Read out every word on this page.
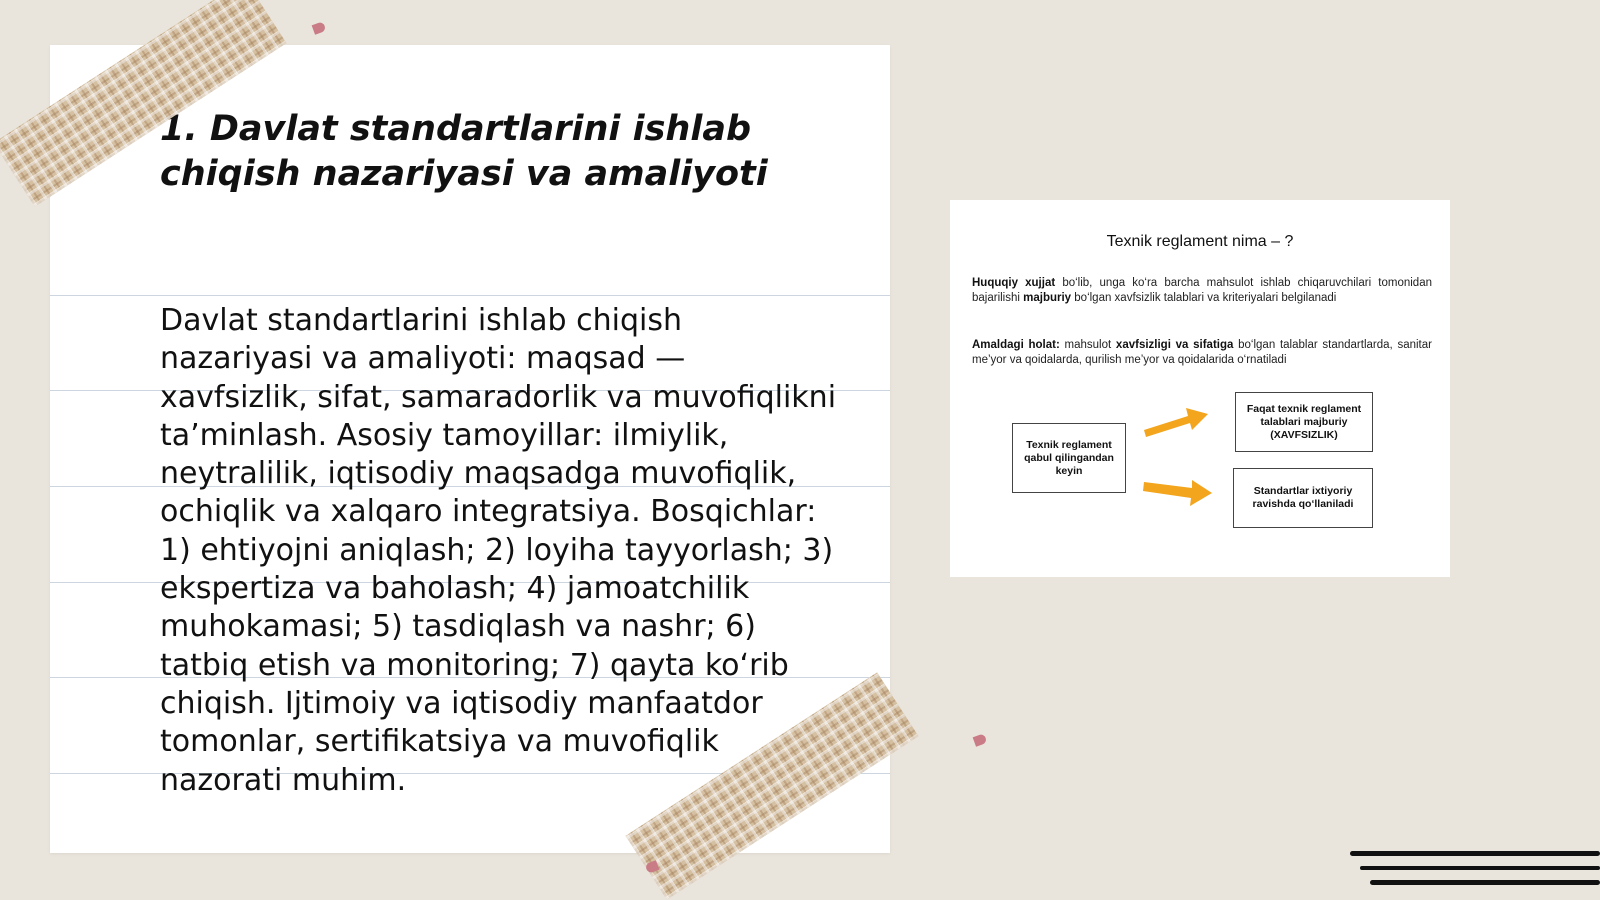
1. Davlat standartlarini ishlab chiqish nazariyasi va amaliyoti

Davlat standartlarini ishlab chiqish nazariyasi va amaliyoti: maqsad — xavfsizlik, sifat, samaradorlik va muvofiqlikni ta’minlash. Asosiy tamoyillar: ilmiylik, neytralilik, iqtisodiy maqsadga muvofiqlik, ochiqlik va xalqaro integratsiya. Bosqichlar: 1) ehtiyojni aniqlash; 2) loyiha tayyorlash; 3) ekspertiza va baholash; 4) jamoatchilik muhokamasi; 5) tasdiqlash va nashr; 6) tatbiq etish va monitoring; 7) qayta ko‘rib chiqish. Ijtimoiy va iqtisodiy manfaatdor tomonlar, sertifikatsiya va muvofiqlik nazorati muhim.

Texnik reglament nima – ?

Huquqiy xujjat bo‘lib, unga ko‘ra barcha mahsulot ishlab chiqaruvchilari tomonidan bajarilishi majburiy bo‘lgan xavfsizlik talablari va kriteriyalari belgilanadi

Amaldagi holat: mahsulot xavfsizligi va sifatiga bo‘lgan talablar standartlarda, sanitar me’yor va qoidalarda, qurilish me’yor va qoidalarida o‘rnatiladi

Texnik reglament qabul qilingandan keyin
Faqat texnik reglament talablari majburiy (XAVFSIZLIK)
Standartlar ixtiyoriy ravishda qo‘llaniladi
